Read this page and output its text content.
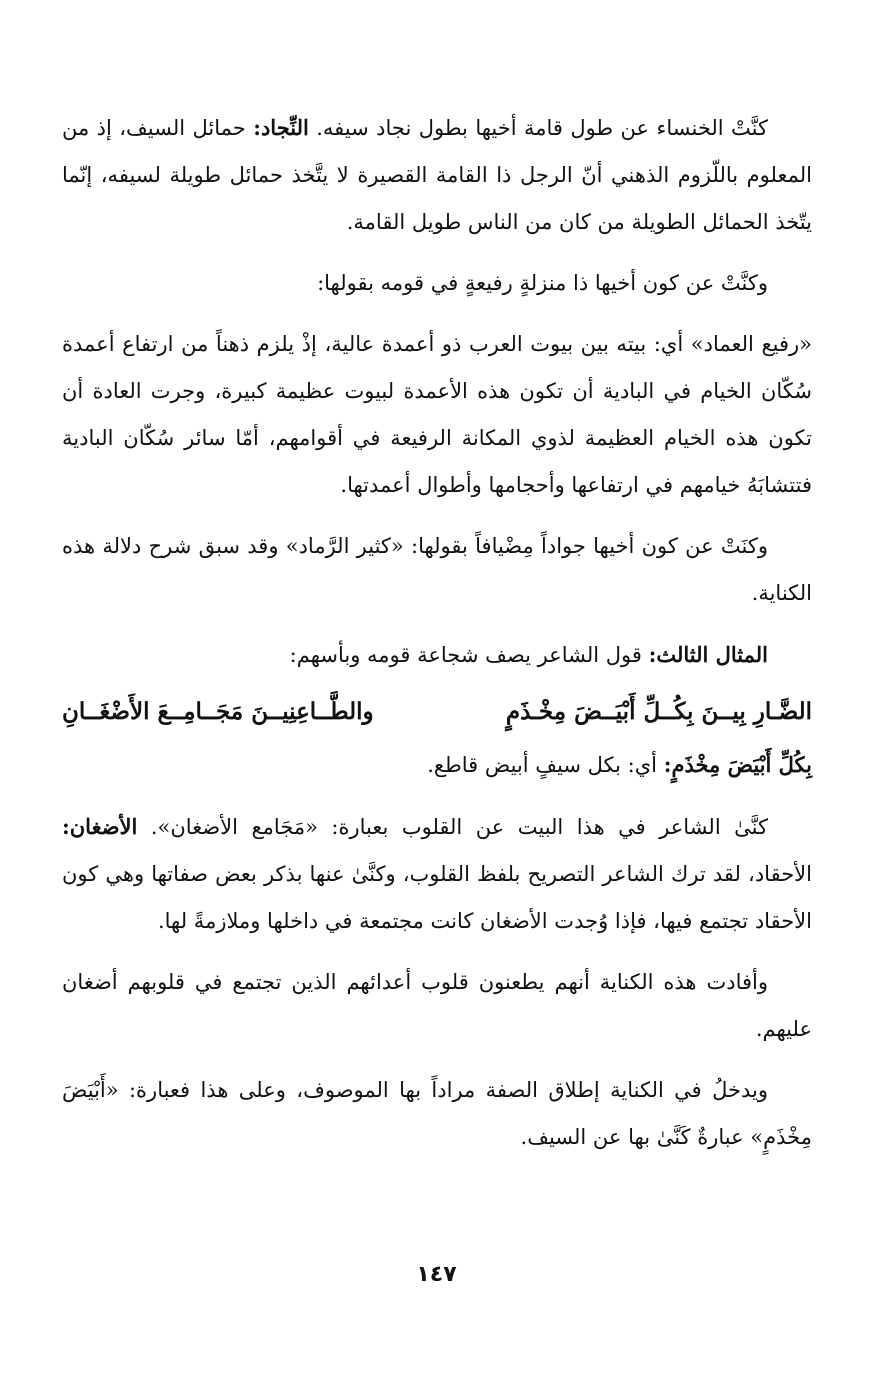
كنَّتْ الخنساء عن طول قامة أخيها بطول نجاد سيفه. النِّجاد: حمائل السيف، إذ من المعلوم باللّزوم الذهني أنّ الرجل ذا القامة القصيرة لا يتَّخذ حمائل طويلة لسيفه، إنّما يتّخذ الحمائل الطويلة من كان من الناس طويل القامة.

وكنَّتْ عن كون أخيها ذا منزلةٍ رفيعةٍ في قومه بقولها:

«رفيع العماد» أي: بيته بين بيوت العرب ذو أعمدة عالية، إذْ يلزم ذهناً من ارتفاع أعمدة سُكّان الخيام في البادية أن تكون هذه الأعمدة لبيوت عظيمة كبيرة، وجرت العادة أن تكون هذه الخيام العظيمة لذوي المكانة الرفيعة في أقوامهم، أمّا سائر سُكّان البادية فتتشابَهُ خيامهم في ارتفاعها وأحجامها وأطوال أعمدتها.

وكنَتْ عن كون أخيها جواداً مِضْيافاً بقولها: «كثير الرَّماد» وقد سبق شرح دلالة هذه الكناية.

المثال الثالث: قول الشاعر يصف شجاعة قومه وبأسهم:

الضَّـارِ بِيــنَ بِكُــلِّ أَبْيَــضَ مِخْـذَمٍ
والطَّــاعِنِيــنَ مَجَــامِــعَ الأَضْغَــانِ

بِكُلِّ أَبْيَضَ مِخْذَمٍ: أي: بكل سيفٍ أبيض قاطع.

كنَّىٰ الشاعر في هذا البيت عن القلوب بعبارة: «مَجَامع الأضغان». الأضغان: الأحقاد، لقد ترك الشاعر التصريح بلفظ القلوب، وكنَّىٰ عنها بذكر بعض صفاتها وهي كون الأحقاد تجتمع فيها، فإذا وُجدت الأضغان كانت مجتمعة في داخلها وملازمةً لها.

وأفادت هذه الكناية أنهم يطعنون قلوب أعدائهم الذين تجتمع في قلوبهم أضغان عليهم.

ويدخلُ في الكناية إطلاق الصفة مراداً بها الموصوف، وعلى هذا فعبارة: «أَبْيَضَ مِخْذَمٍ» عبارةٌ كَنَّىٰ بها عن السيف.

١٤٧
